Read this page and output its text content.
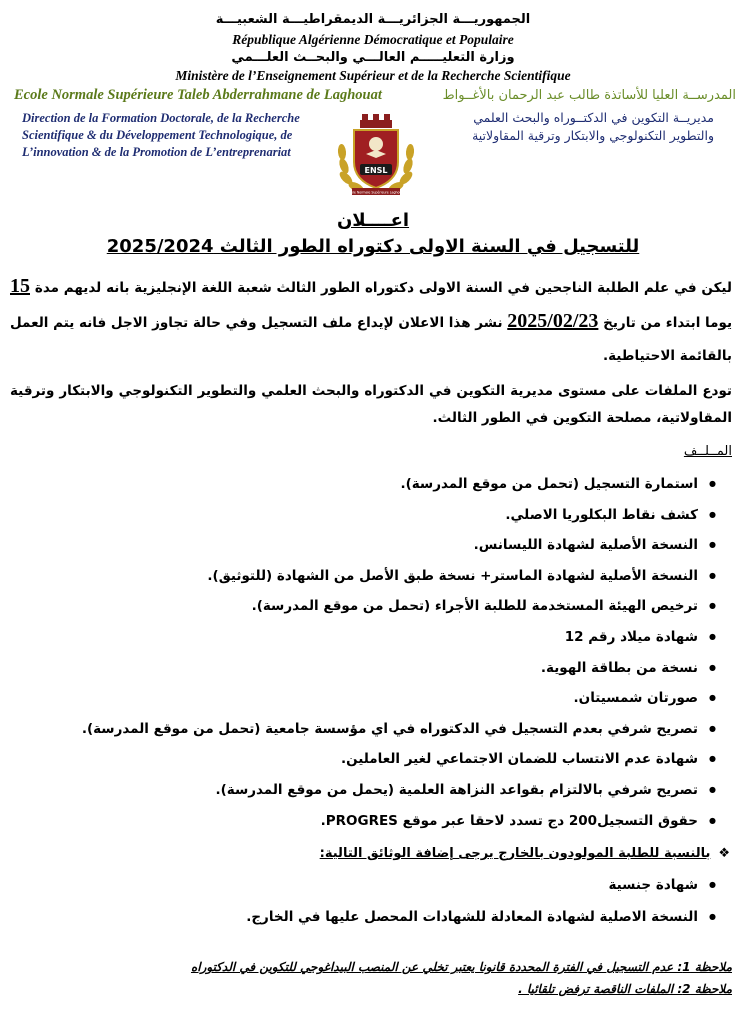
الجمهوريـــة الجزائريـــة الديمقراطيـــة الشعبيـــة
République Algérienne Démocratique et Populaire
وزارة التعليـــــم العالـــي والبحــث العلـــمي
Ministère de l’Enseignement Supérieur et de la Recherche Scientifique
Ecole Normale Supérieure Taleb Abderrahmane de Laghouat	المدرســة العليا للأساتذة طالب عبد الرحمان بالأغــواط
Direction de la Formation Doctorale, de la Recherche Scientifique & du Développement Technologique, de L’innovation & de la Promotion de L’entreprenariat
مديريــة التكوين في الدكتــوراه والبحث العلمي
والتطوير التكنولوجي والابتكار وترقية المقاولاتية
ENSL
Ecole Normale Supérieure Laghouat
اعــــلان
للتسجيل في السنة الاولى دكتوراه الطور الثالث 2025/2024
ليكن في علم الطلبة الناجحين في السنة الاولى دكتوراه الطور الثالث شعبة اللغة الإنجليزية بانه لديهم مدة 15 يوما ابتداء من تاريخ 2025/02/23 نشر هذا الاعلان لإيداع ملف التسجيل وفي حالة تجاوز الاجل فانه يتم العمل بالقائمة الاحتياطية.
تودع الملفات على مستوى مديرية التكوين في الدكتوراه والبحث العلمي والتطوير التكنولوجي والابتكار وترقية المقاولاتية، مصلحة التكوين في الطور الثالث.
المــلــف
● استمارة التسجيل (تحمل من موقع المدرسة).
● كشف نقاط البكلوريا الاصلي.
● النسخة الأصلية لشهادة الليسانس.
● النسخة الأصلية لشهادة الماستر+ نسخة طبق الأصل من الشهادة (للتوثيق).
● ترخيص الهيئة المستخدمة للطلبة الأجراء (تحمل من موقع المدرسة).
● شهادة ميلاد رقم 12
● نسخة من بطاقة الهوية.
● صورتان شمسيتان.
● تصريح شرفي بعدم التسجيل في الدكتوراه في اي مؤسسة جامعية (تحمل من موقع المدرسة).
● شهادة عدم الانتساب للضمان الاجتماعي لغير العاملين.
● تصريح شرفي بالالتزام بقواعد النزاهة العلمية (يحمل من موقع المدرسة).
● حقوق التسجيل200 دج تسدد لاحقا عبر موقع PROGRES.
❖بالنسبة للطلبة المولودون بالخارج يرجى إضافة الوثائق التالية:
● شهادة جنسية
● النسخة الاصلية لشهادة المعادلة للشهادات المحصل عليها في الخارج.
ملاحظة 1: عدم التسجيل في الفترة المحددة قانونا يعتبر تخلي عن المنصب البيداغوجي للتكوين في الدكتوراه
ملاحظة 2: الملفات الناقصة ترفض تلقائيا .
